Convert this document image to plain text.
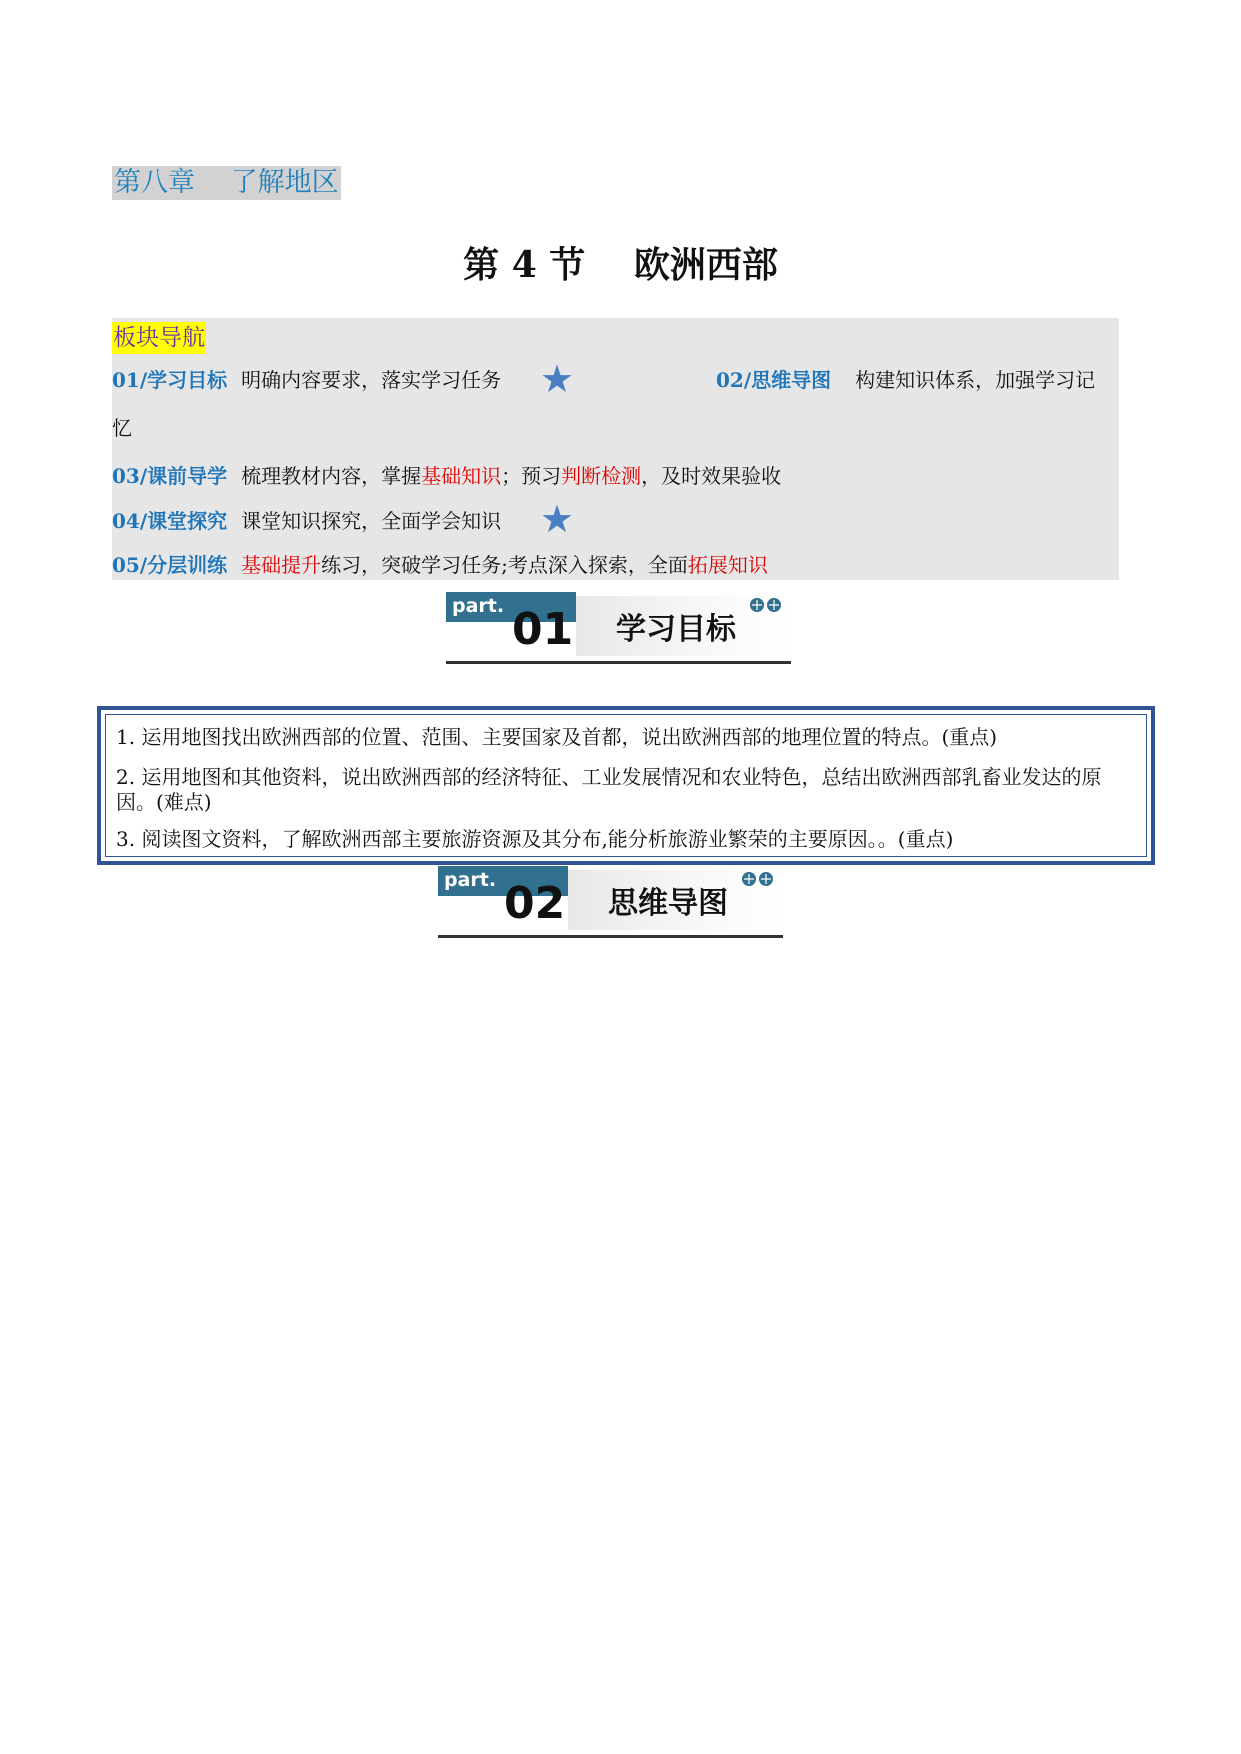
第八章　 了解地区
第 4 节　 欧洲西部
板块导航
01/学习目标 明确内容要求，落实学习任务 ★	02/思维导图 构建知识体系，加强学习记
忆
03/课前导学 梳理教材内容，掌握基础知识；预习判断检测，及时效果验收
04/课堂探究 课堂知识探究，全面学会知识 ★
05/分层训练 基础提升练习，突破学习任务;考点深入探索，全面拓展知识
part. 01 学习目标
1. 运用地图找出欧洲西部的位置、范围、主要国家及首都，说出欧洲西部的地理位置的特点。(重点)
2. 运用地图和其他资料，说出欧洲西部的经济特征、工业发展情况和农业特色，总结出欧洲西部乳畜业发达的原因。(难点)
3. 阅读图文资料，了解欧洲西部主要旅游资源及其分布,能分析旅游业繁荣的主要原因。。(重点)
part. 02 思维导图
